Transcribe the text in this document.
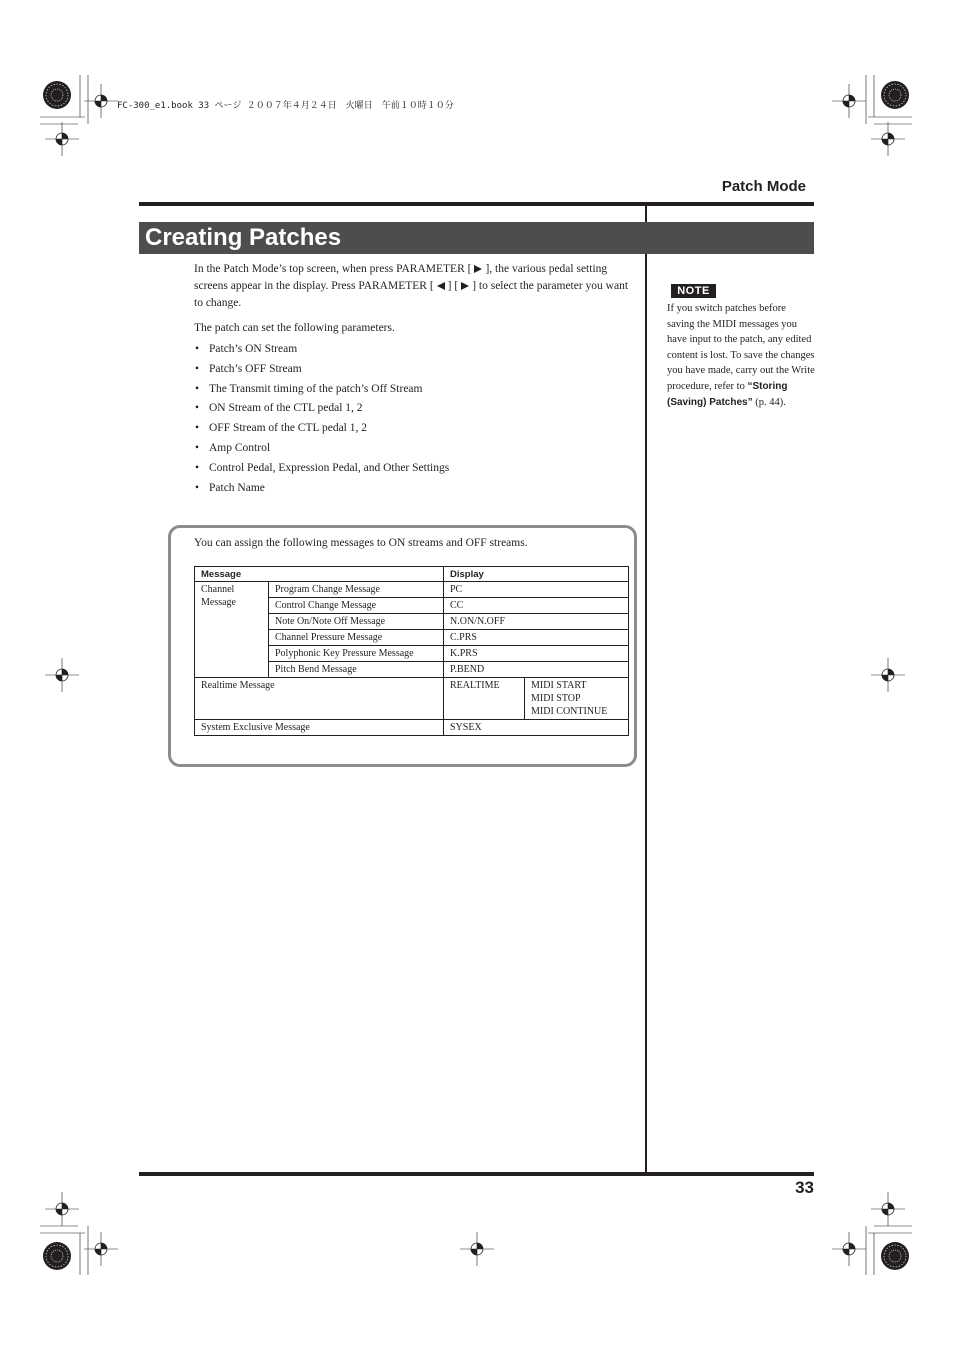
FC-300_e1.book 33 ページ ２００７年４月２４日　火曜日　午前１０時１０分
Patch Mode
Creating Patches
In the Patch Mode’s top screen, when press PARAMETER [ ], the various pedal setting screens appear in the display. Press PARAMETER [ ] [ ] to select the parameter you want to change.
The patch can set the following parameters.
• Patch’s ON Stream
• Patch’s OFF Stream
• The Transmit timing of the patch’s Off Stream
• ON Stream of the CTL pedal 1, 2
• OFF Stream of the CTL pedal 1, 2
• Amp Control
• Control Pedal, Expression Pedal, and Other Settings
• Patch Name
You can assign the following messages to ON streams and OFF streams.
Message		Display	
Channel Message	Program Change Message	PC	
	Control Change Message	CC	
	Note On/Note Off Message	N.ON/N.OFF	
	Channel Pressure Message	C.PRS	
	Polyphonic Key Pressure Message	K.PRS	
	Pitch Bend Message	P.BEND	
Realtime Message		REALTIME	MIDI START
MIDI STOP
MIDI CONTINUE

System Exclusive Message		SYSEX	
NOTE
If you switch patches before saving the MIDI messages you have input to the patch, any edited content is lost. To save the changes you have made, carry out the Write procedure, refer to “Storing (Saving) Patches” (p. 44).
33
